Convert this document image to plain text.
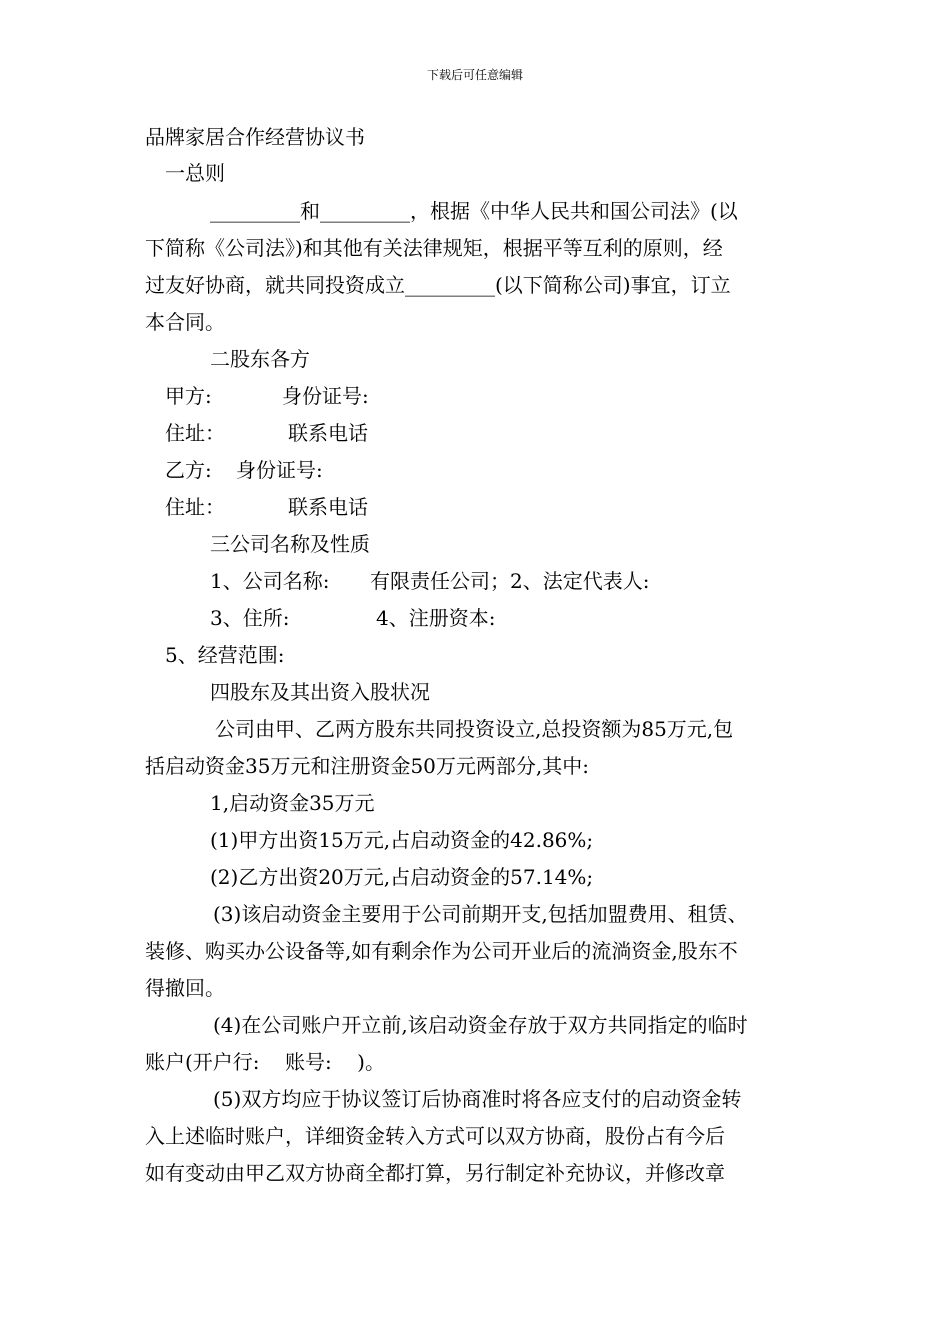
下载后可任意编辑
品牌家居合作经营协议书
一总则
_________和_________，根据《中华人民共和国公司法》(以
下简称《公司法》)和其他有关法律规矩，根据平等互利的原则，经
过友好协商，就共同投资成立_________(以下简称公司)事宜，订立
本合同。
二股东各方
甲方:	身份证号:
住址：	联系电话
乙方: 身份证号:
住址：	联系电话
三公司名称及性质
1、公司名称: 有限责任公司；2、法定代表人:
3、住所:	4、注册资本:
5、经营范围:
四股东及其出资入股状况
公司由甲、乙两方股东共同投资设立,总投资额为85万元,包
括启动资金35万元和注册资金50万元两部分,其中:
1,启动资金35万元
(1)甲方出资15万元,占启动资金的42.86%;
(2)乙方出资20万元,占启动资金的57.14%;
(3)该启动资金主要用于公司前期开支,包括加盟费用、租赁、
装修、购买办公设备等,如有剩余作为公司开业后的流淌资金,股东不
得撤回。
(4)在公司账户开立前,该启动资金存放于双方共同指定的临时
账户(开户行:    账号:    )。
(5)双方均应于协议签订后协商准时将各应支付的启动资金转
入上述临时账户，详细资金转入方式可以双方协商，股份占有今后
如有变动由甲乙双方协商全都打算，另行制定补充协议，并修改章
